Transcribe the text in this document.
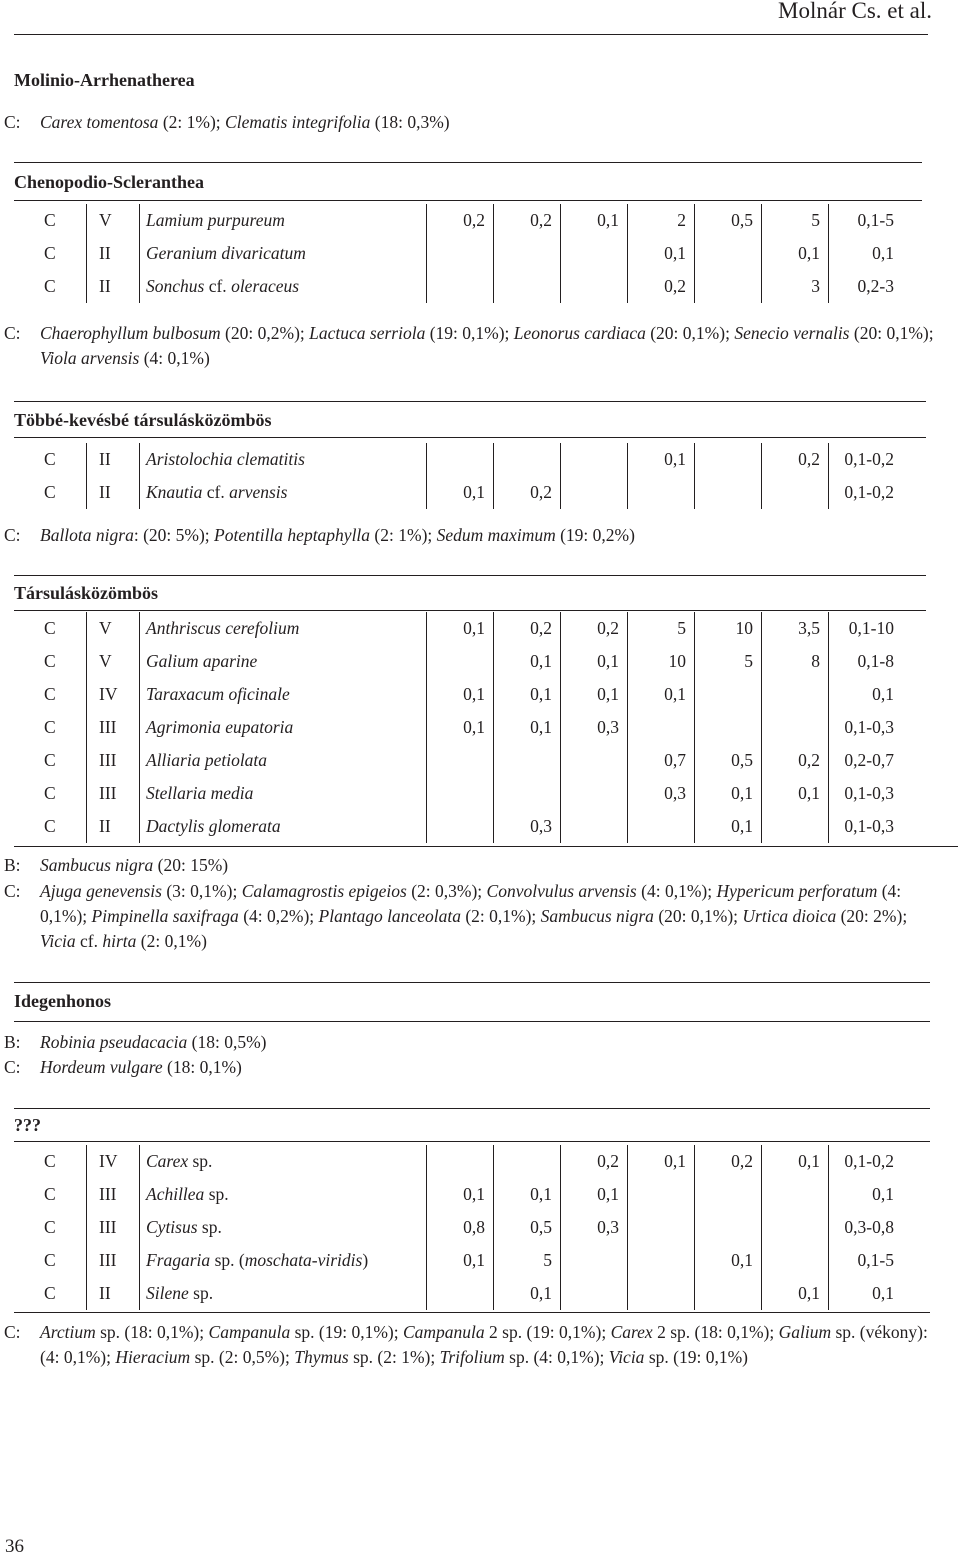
Molnár Cs. et al.
Molinio-Arrhenatherea
C: Carex tomentosa (2: 1%); Clematis integrifolia (18: 0,3%)
Chenopodio-Scleranthea
C	V	Lamium purpureum	0,2	0,2	0,1	2	0,5	5	0,1-5
C	II	Geranium divaricatum				0,1		0,1	0,1
C	II	Sonchus cf. oleraceus				0,2		3	0,2-3
C: Chaerophyllum bulbosum (20: 0,2%); Lactuca serriola (19: 0,1%); Leonorus cardiaca (20: 0,1%); Senecio vernalis (20: 0,1%); Viola arvensis (4: 0,1%)
Többé-kevésbé társulásközömbös
C	II	Aristolochia clematitis				0,1		0,2	0,1-0,2
C	II	Knautia cf. arvensis	0,1	0,2					0,1-0,2
C: Ballota nigra: (20: 5%); Potentilla heptaphylla (2: 1%); Sedum maximum (19: 0,2%)
Társulásközömbös
C	V	Anthriscus cerefolium	0,1	0,2	0,2	5	10	3,5	0,1-10
C	V	Galium aparine		0,1	0,1	10	5	8	0,1-8
C	IV	Taraxacum oficinale	0,1	0,1	0,1	0,1			0,1
C	III	Agrimonia eupatoria	0,1	0,1	0,3				0,1-0,3
C	III	Alliaria petiolata				0,7	0,5	0,2	0,2-0,7
C	III	Stellaria media				0,3	0,1	0,1	0,1-0,3
C	II	Dactylis glomerata		0,3			0,1		0,1-0,3
B: Sambucus nigra (20: 15%)
C: Ajuga genevensis (3: 0,1%); Calamagrostis epigeios (2: 0,3%); Convolvulus arvensis (4: 0,1%); Hypericum perforatum (4: 0,1%); Pimpinella saxifraga (4: 0,2%); Plantago lanceolata (2: 0,1%); Sambucus nigra (20: 0,1%); Urtica dioica (20: 2%); Vicia cf. hirta (2: 0,1%)
Idegenhonos
B: Robinia pseudacacia (18: 0,5%)
C: Hordeum vulgare (18: 0,1%)
???
C	IV	Carex sp.			0,2	0,1	0,2	0,1	0,1-0,2
C	III	Achillea sp.	0,1	0,1	0,1				0,1
C	III	Cytisus sp.	0,8	0,5	0,3				0,3-0,8
C	III	Fragaria sp. (moschata-viridis)	0,1	5			0,1		0,1-5
C	II	Silene sp.		0,1				0,1	0,1
C: Arctium sp. (18: 0,1%); Campanula sp. (19: 0,1%); Campanula 2 sp. (19: 0,1%); Carex 2 sp. (18: 0,1%); Galium sp. (vékony): (4: 0,1%); Hieracium sp. (2: 0,5%); Thymus sp. (2: 1%); Trifolium sp. (4: 0,1%); Vicia sp. (19: 0,1%)
36
